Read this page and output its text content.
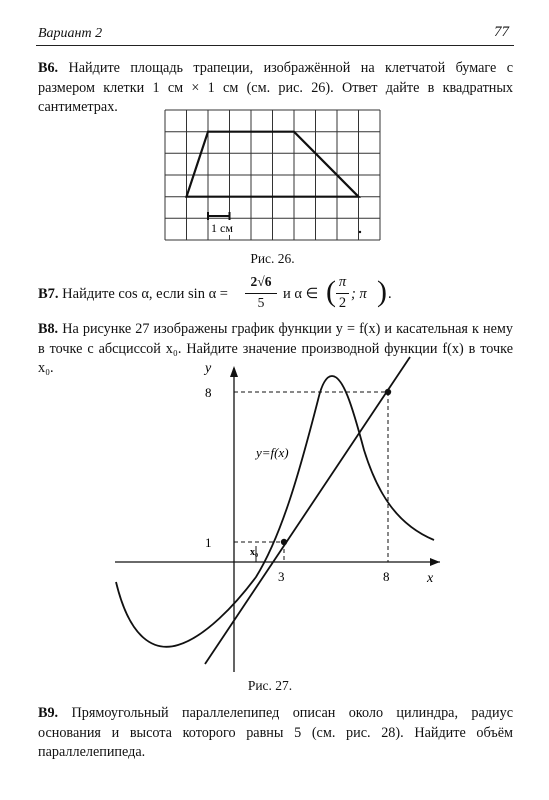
Вариант 2	77
B6. Найдите площадь трапеции, изображённой на клетчатой бумаге с размером клетки 1 см × 1 см (см. рис. 26). Ответ дайте в квадратных сантиметрах.
1 см
Рис. 26.
B7. Найдите cos α, если sin α =
2√6
5
и α ∈ ( π
2
; π ) .
B8. На рисунке 27 изображены график функции y = f(x) и касательная к нему в точке с абсциссой x₀. Найдите значение производной функции f(x) в точке x₀.	y
x
8
1
3	8
x₀
y=f(x)
Рис. 27.
B9. Прямоугольный параллелепипед описан около цилиндра, радиус основания и высота которого равны 5 (см. рис. 28). Найдите объём параллелепипеда.
